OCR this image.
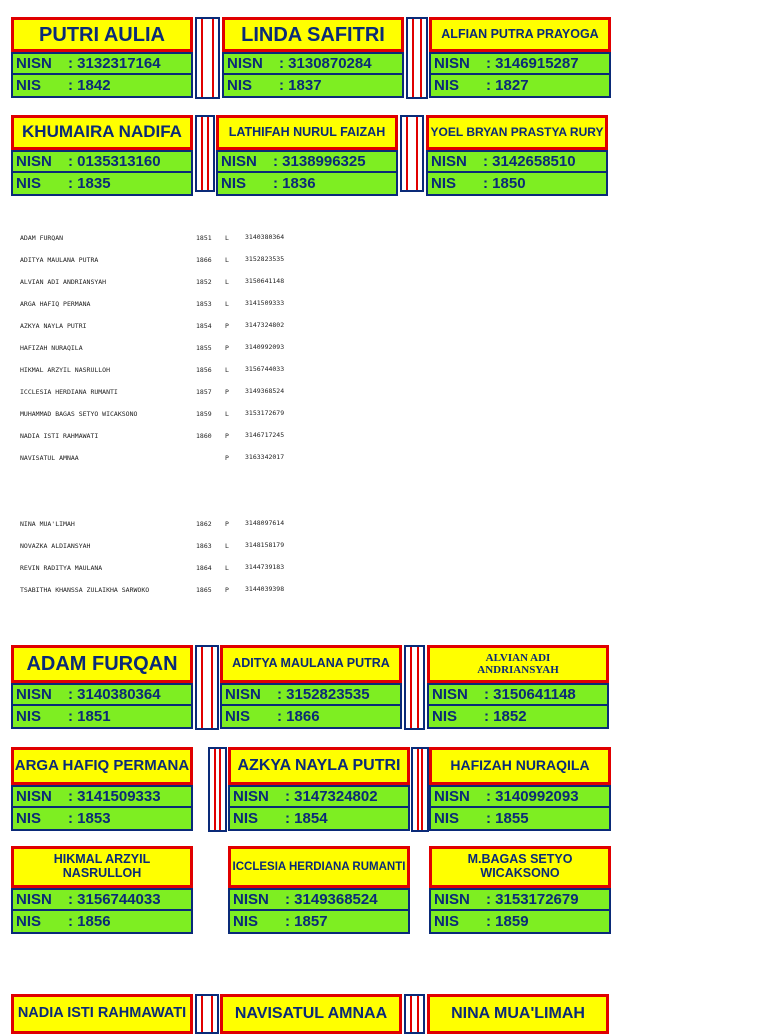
PUTRI AULIA
NISN	: 3132317164
NIS	: 1842
LINDA SAFITRI
NISN	: 3130870284
NIS	: 1837
ALFIAN PUTRA PRAYOGA
NISN	: 3146915287
NIS	: 1827
KHUMAIRA NADIFA
NISN	: 0135313160
NIS	: 1835
LATHIFAH NURUL FAIZAH
NISN	: 3138996325
NIS	: 1836
YOEL BRYAN PRASTYA RURY
NISN	: 3142658510
NIS	: 1850
ADAM FURQAN	1851 L 3140380364
ADITYA MAULANA PUTRA	1866 L 3152823535
ALVIAN ADI ANDRIANSYAH	1852 L 3150641148
ARGA HAFIQ PERMANA	1853 L 3141509333
AZKYA NAYLA PUTRI	1854 P 3147324802
HAFIZAH NURAQILA	1855 P 3140992093
HIKMAL ARZYIL NASRULLOH	1856 L 3156744033
ICCLESIA HERDIANA RUMANTI	1857 P 3149368524
MUHAMMAD BAGAS SETYO WICAKSONO	1859 L 3153172679
NADIA ISTI RAHMAWATI	1860 P 3146717245
NAVISATUL AMNAA	P 3163342017
NINA MUA'LIMAH	1862 P 3148097614
NOVAZKA ALDIANSYAH	1863 L 3148158179
REVIN RADITYA MAULANA	1864 L 3144739183
TSABITHA KHANSSA ZULAIKHA SARWOKO	1865 P 3144039398
ADAM FURQAN
NISN	: 3140380364
NIS	: 1851
ADITYA MAULANA PUTRA
NISN	: 3152823535
NIS	: 1866
ALVIAN ADI ANDRIANSYAH
NISN	: 3150641148
NIS	: 1852
ARGA HAFIQ PERMANA
NISN	: 3141509333
NIS	: 1853
AZKYA NAYLA PUTRI
NISN	: 3147324802
NIS	: 1854
HAFIZAH NURAQILA
NISN	: 3140992093
NIS	: 1855
HIKMAL ARZYIL NASRULLOH
NISN	: 3156744033
NIS	: 1856
ICCLESIA HERDIANA RUMANTI
NISN	: 3149368524
NIS	: 1857
M.BAGAS SETYO WICAKSONO
NISN	: 3153172679
NIS	: 1859
NADIA ISTI RAHMAWATI	NAVISATUL AMNAA	NINA MUA'LIMAH
